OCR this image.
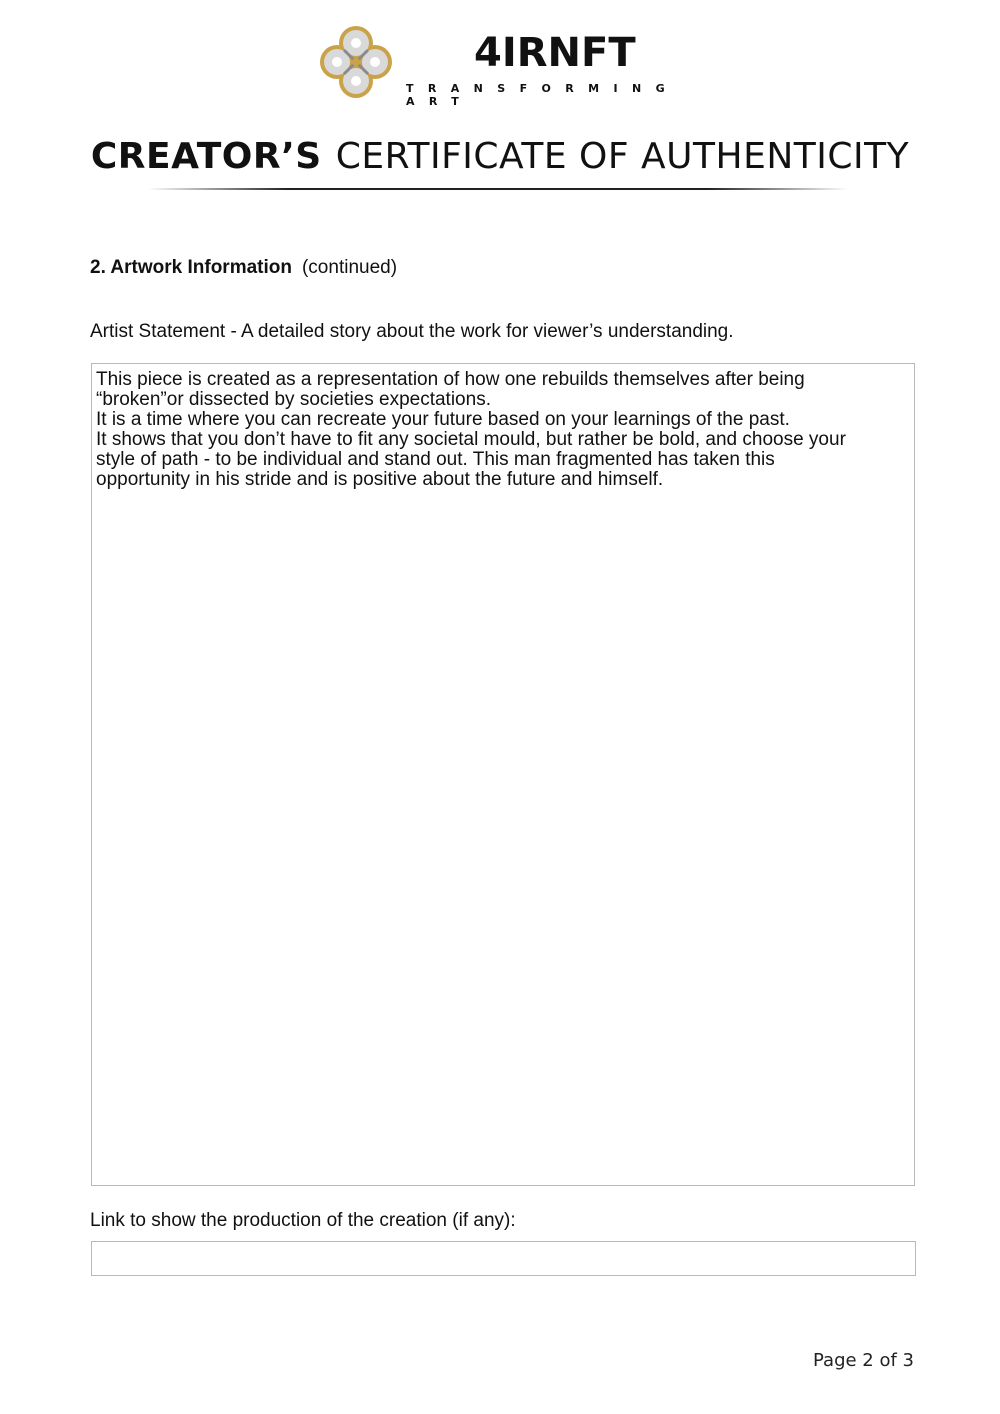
4IRNFT
TRANSFORMING ART
CREATOR’S CERTIFICATE OF AUTHENTICITY
2. Artwork Information (continued)
Artist Statement - A detailed story about the work for viewer’s understanding.
This piece is created as a representation of how one rebuilds themselves after being
“broken”or dissected by societies expectations.
It is a time where you can recreate your future based on your learnings of the past.
It shows that you don’t have to fit any societal mould, but rather be bold, and choose your
style of path - to be individual and stand out. This man fragmented has taken this
opportunity in his stride and is positive about the future and himself.
Link to show the production of the creation (if any):
Page 2 of 3
